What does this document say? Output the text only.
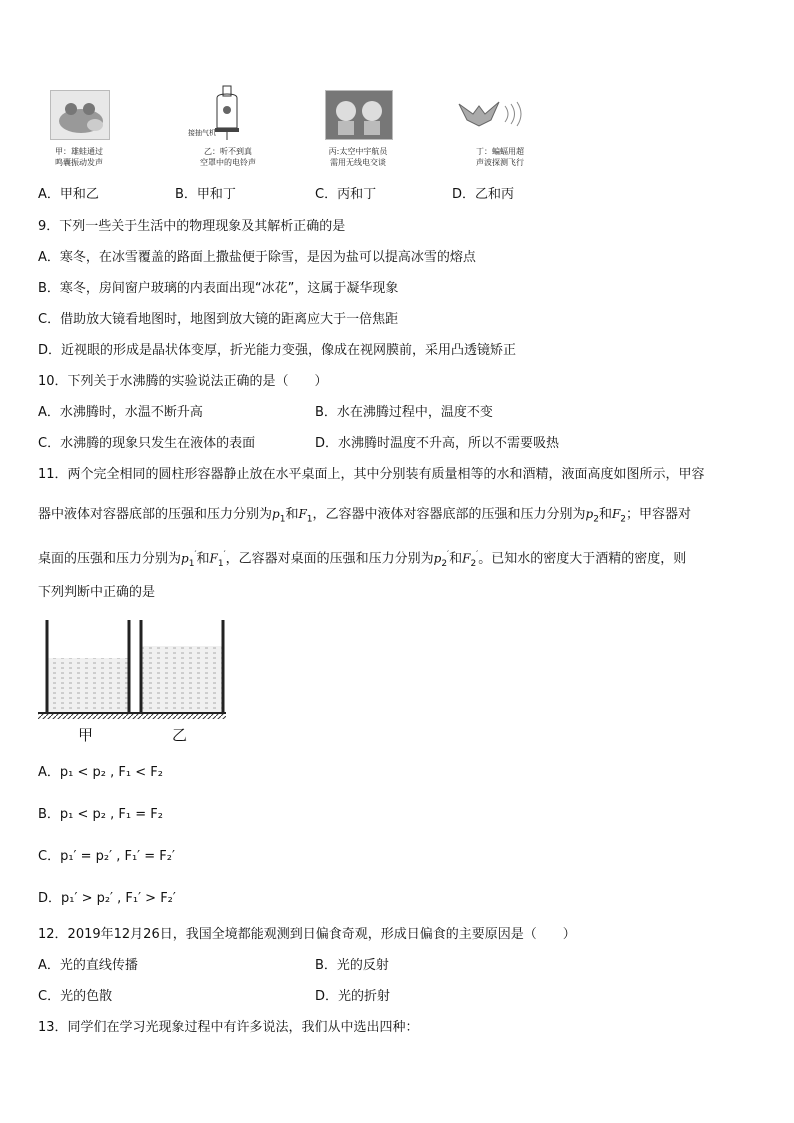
接抽气机
甲：雄蛙通过
鸣囊振动发声
乙：听不到真
空罩中的电铃声
丙:太空中宇航员
需用无线电交谈
丁：蝙蝠用超
声波探测飞行
A．甲和乙	B．甲和丁	C．丙和丁	D．乙和丙
9．下列一些关于生活中的物理现象及其解析正确的是
A．寒冬，在冰雪覆盖的路面上撒盐便于除雪，是因为盐可以提高冰雪的熔点
B．寒冬，房间窗户玻璃的内表面出现“冰花”，这属于凝华现象
C．借助放大镜看地图时，地图到放大镜的距离应大于一倍焦距
D．近视眼的形成是晶状体变厚，折光能力变强，像成在视网膜前，采用凸透镜矫正
10．下列关于水沸腾的实验说法正确的是（　　）
A．水沸腾时，水温不断升高	B．水在沸腾过程中，温度不变
C．水沸腾的现象只发生在液体的表面	D．水沸腾时温度不升高，所以不需要吸热
11．两个完全相同的圆柱形容器静止放在水平桌面上，其中分别装有质量相等的水和酒精，液面高度如图所示，甲容
器中液体对容器底部的压强和压力分别为$p_1$和$F_1$，乙容器中液体对容器底部的压强和压力分别为$p_2$和$F_2$；甲容器对
桌面的压强和压力分别为$p_1'$和$F_1'$，乙容器对桌面的压强和压力分别为$p_2'$和$F_2'$。已知水的密度大于酒精的密度，则
下列判断中正确的是
甲	乙
A．p₁ < p₂ , F₁ < F₂
B．p₁ < p₂ , F₁ = F₂
C．p₁′ = p₂′ , F₁′ = F₂′
D．p₁′ > p₂′ , F₁′ > F₂′
12．2019年12月26日，我国全境都能观测到日偏食奇观，形成日偏食的主要原因是（　　）
A．光的直线传播	B．光的反射
C．光的色散	D．光的折射
13．同学们在学习光现象过程中有许多说法，我们从中选出四种：
